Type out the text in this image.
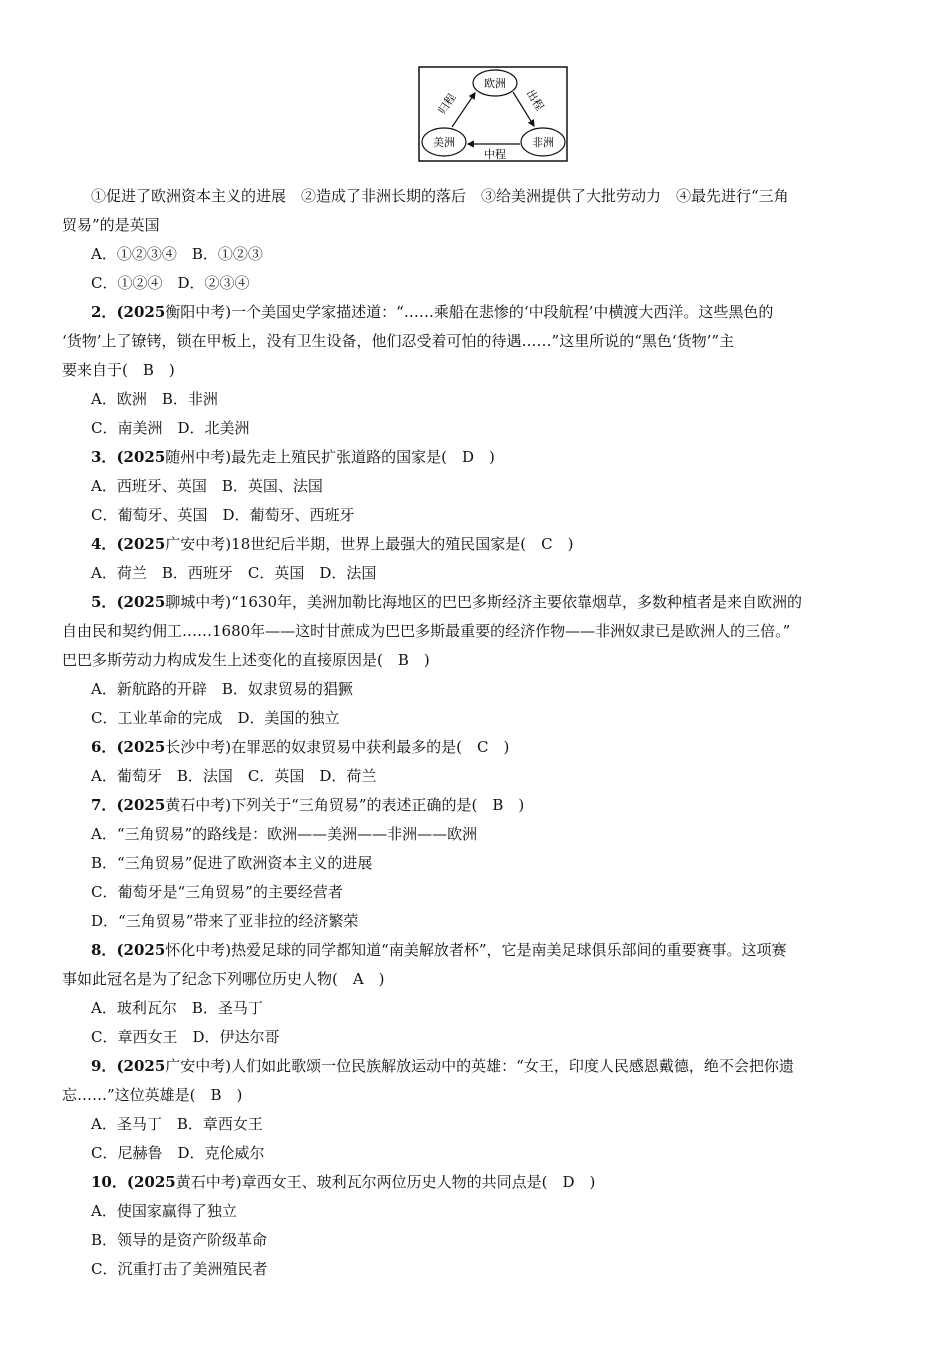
欧洲
非洲
美洲
出程
中程
归程
①促进了欧洲资本主义的进展　②造成了非洲长期的落后　③给美洲提供了大批劳动力　④最先进行“三角
贸易”的是英国
A．①②③④　B．①②③
C．①②④　D．②③④
2．(2025衡阳中考)一个美国史学家描述道：“……乘船在悲惨的‘中段航程’中横渡大西洋。这些黑色的
‘货物’上了镣铐，锁在甲板上，没有卫生设备，他们忍受着可怕的待遇……”这里所说的“黑色‘货物’”主
要来自于(　B　)
A．欧洲　B．非洲
C．南美洲　D．北美洲
3．(2025随州中考)最先走上殖民扩张道路的国家是(　D　)
A．西班牙、英国　B．英国、法国
C．葡萄牙、英国　D．葡萄牙、西班牙
4．(2025广安中考)18世纪后半期，世界上最强大的殖民国家是(　C　)
A．荷兰　B．西班牙　C．英国　D．法国
5．(2025聊城中考)“1630年，美洲加勒比海地区的巴巴多斯经济主要依靠烟草，多数种植者是来自欧洲的
自由民和契约佣工……1680年——这时甘蔗成为巴巴多斯最重要的经济作物——非洲奴隶已是欧洲人的三倍。”
巴巴多斯劳动力构成发生上述变化的直接原因是(　B　)
A．新航路的开辟　B．奴隶贸易的猖獗
C．工业革命的完成　D．美国的独立
6．(2025长沙中考)在罪恶的奴隶贸易中获利最多的是(　C　)
A．葡萄牙　B．法国　C．英国　D．荷兰
7．(2025黄石中考)下列关于“三角贸易”的表述正确的是(　B　)
A．“三角贸易”的路线是：欧洲——美洲——非洲——欧洲
B．“三角贸易”促进了欧洲资本主义的进展
C．葡萄牙是“三角贸易”的主要经营者
D．“三角贸易”带来了亚非拉的经济繁荣
8．(2025怀化中考)热爱足球的同学都知道“南美解放者杯”，它是南美足球俱乐部间的重要赛事。这项赛
事如此冠名是为了纪念下列哪位历史人物(　A　)
A．玻利瓦尔　B．圣马丁
C．章西女王　D．伊达尔哥
9．(2025广安中考)人们如此歌颂一位民族解放运动中的英雄：“女王，印度人民感恩戴德，绝不会把你遗
忘……”这位英雄是(　B　)
A．圣马丁　B．章西女王
C．尼赫鲁　D．克伦威尔
10．(2025黄石中考)章西女王、玻利瓦尔两位历史人物的共同点是(　D　)
A．使国家赢得了独立
B．领导的是资产阶级革命
C．沉重打击了美洲殖民者
